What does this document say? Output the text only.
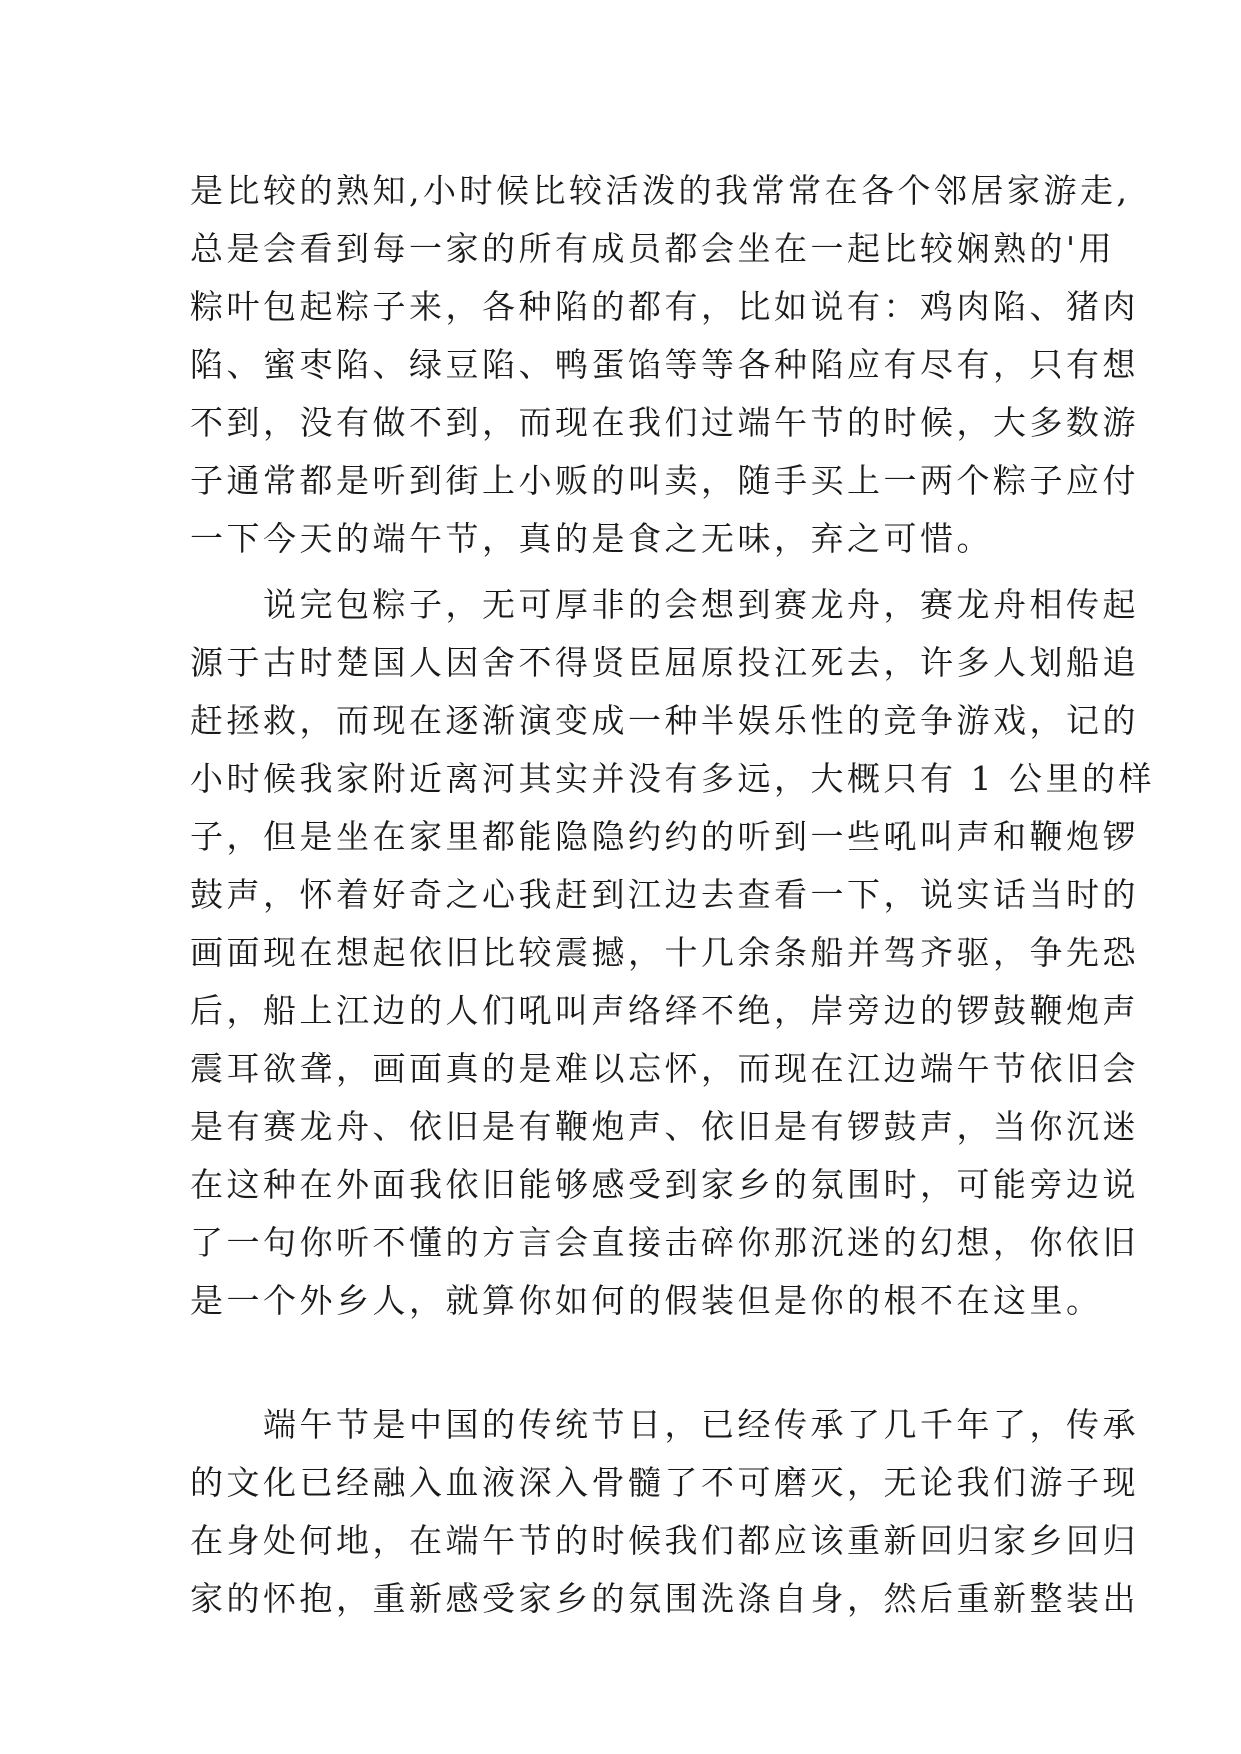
是比较的熟知,小时候比较活泼的我常常在各个邻居家游走,
总是会看到每一家的所有成员都会坐在一起比较娴熟的'用
粽叶包起粽子来，各种陷的都有，比如说有：鸡肉陷、猪肉
陷、蜜枣陷、绿豆陷、鸭蛋馅等等各种陷应有尽有，只有想
不到，没有做不到，而现在我们过端午节的时候，大多数游
子通常都是听到街上小贩的叫卖，随手买上一两个粽子应付
一下今天的端午节，真的是食之无味，弃之可惜。
　　说完包粽子，无可厚非的会想到赛龙舟，赛龙舟相传起
源于古时楚国人因舍不得贤臣屈原投江死去，许多人划船追
赶拯救，而现在逐渐演变成一种半娱乐性的竞争游戏，记的
小时候我家附近离河其实并没有多远，大概只有 1 公里的样
子，但是坐在家里都能隐隐约约的听到一些吼叫声和鞭炮锣
鼓声，怀着好奇之心我赶到江边去查看一下，说实话当时的
画面现在想起依旧比较震撼，十几余条船并驾齐驱，争先恐
后，船上江边的人们吼叫声络绎不绝，岸旁边的锣鼓鞭炮声
震耳欲聋，画面真的是难以忘怀，而现在江边端午节依旧会
是有赛龙舟、依旧是有鞭炮声、依旧是有锣鼓声，当你沉迷
在这种在外面我依旧能够感受到家乡的氛围时，可能旁边说
了一句你听不懂的方言会直接击碎你那沉迷的幻想，你依旧
是一个外乡人，就算你如何的假装但是你的根不在这里。
　　端午节是中国的传统节日，已经传承了几千年了，传承
的文化已经融入血液深入骨髓了不可磨灭，无论我们游子现
在身处何地，在端午节的时候我们都应该重新回归家乡回归
家的怀抱，重新感受家乡的氛围洗涤自身，然后重新整装出
